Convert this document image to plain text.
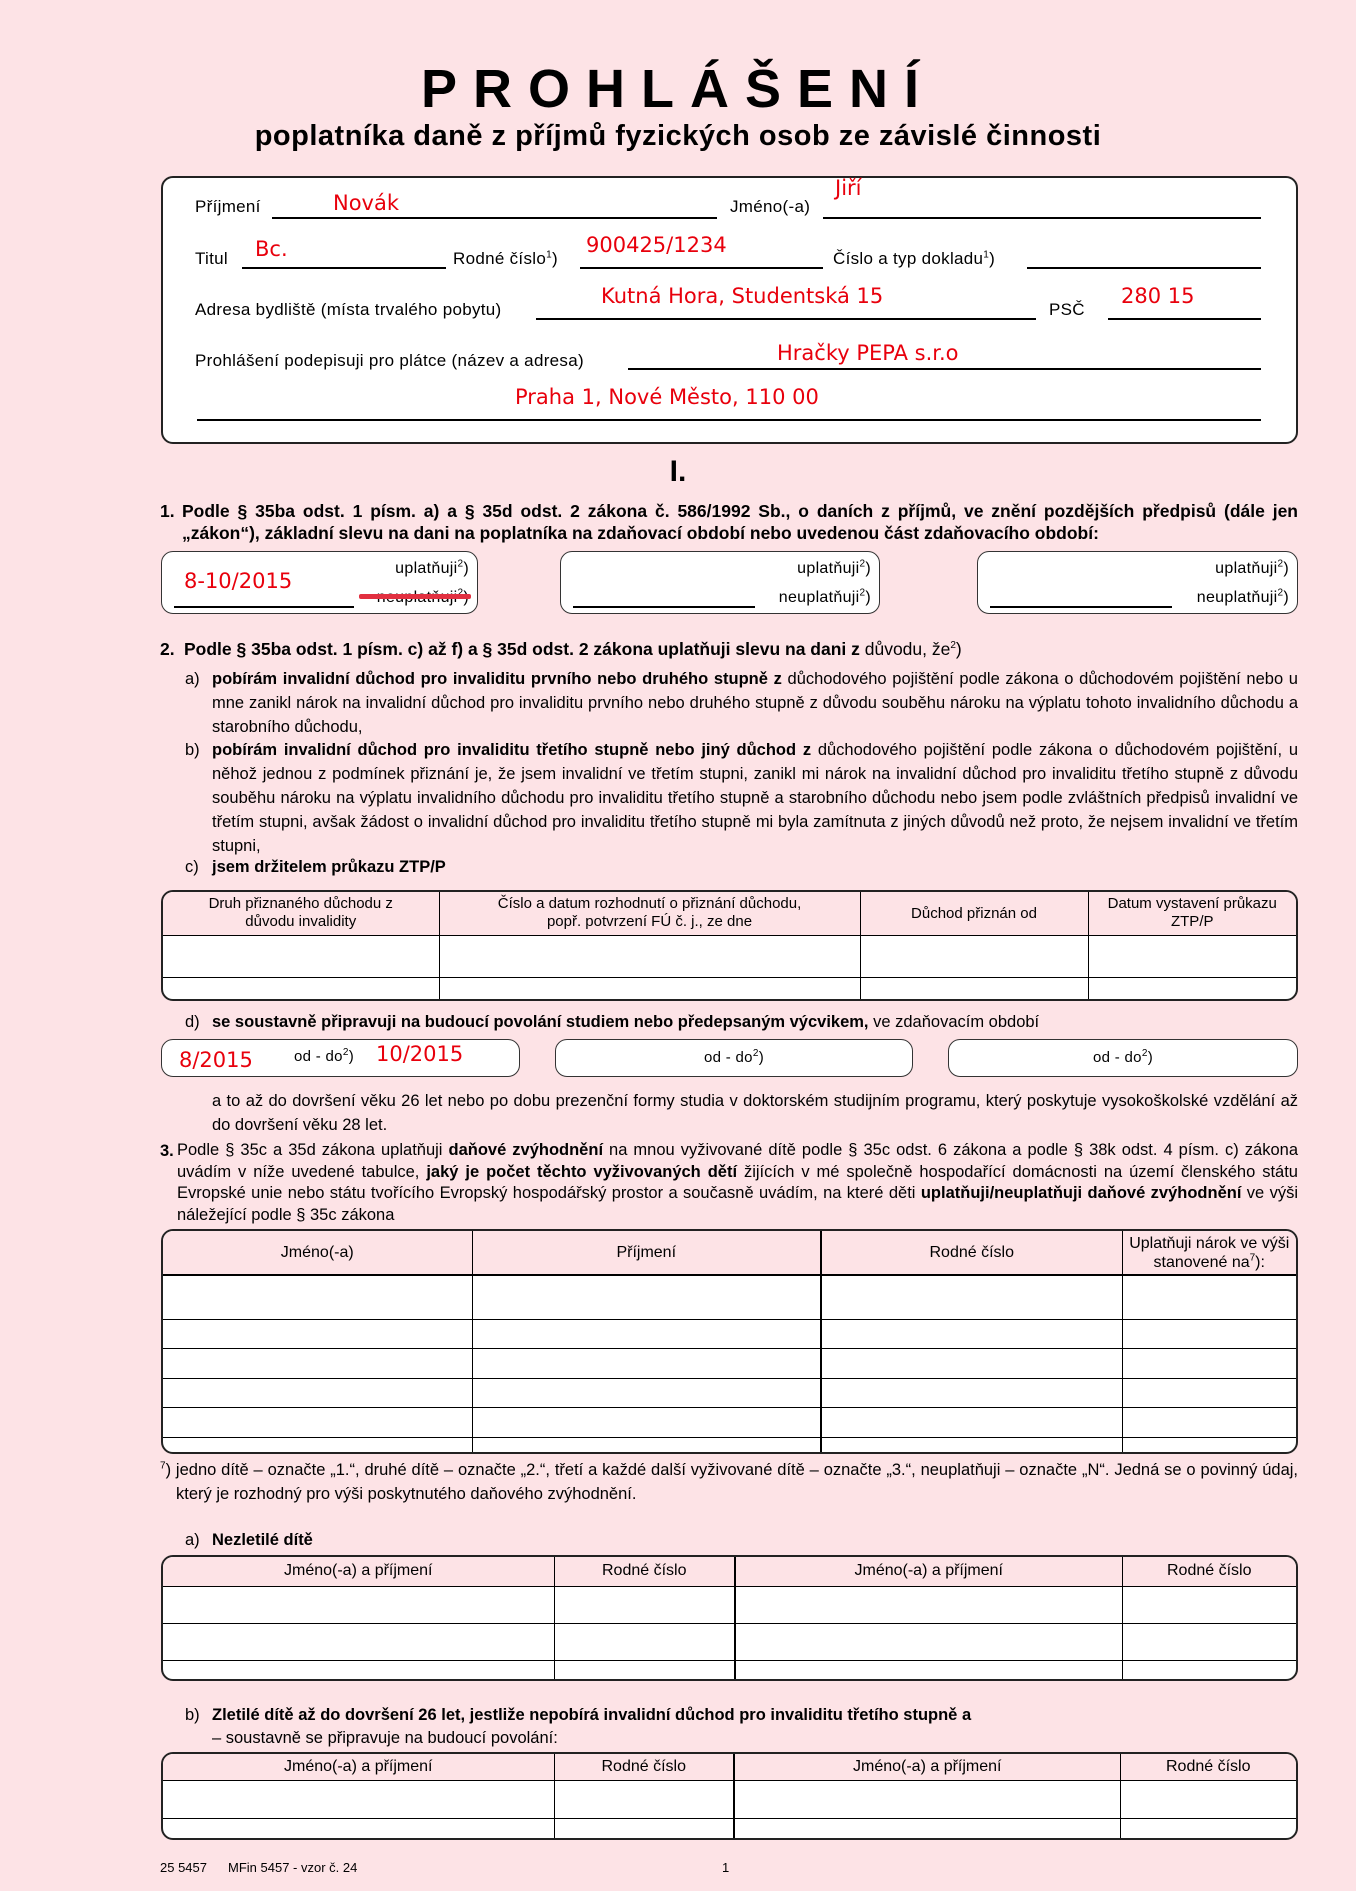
PROHLÁŠENÍ
poplatníka daně z příjmů fyzických osob ze závislé činnosti
Příjmení	Novák	Jméno(-a)
Jiří
Titul Bc.	Rodné číslo$^1$)
900425/1234
Číslo a typ dokladu$^1$)
Adresa bydliště (místa trvalého pobytu)
Kutná Hora, Studentská 15
PSČ
280 15
Prohlášení podepisuji pro plátce (název a adresa)	Hračky PEPA s.r.o
Praha 1, Nové Město, 110 00
I.
1. Podle § 35ba odst. 1 písm. a) a § 35d odst. 2 zákona č. 586/1992 Sb., o daních z příjmů, ve znění pozdějších předpisů (dále jen „zákon“), základní slevu na dani na poplatníka na zdaňovací období nebo uvedenou část zdaňovacího období:
8-10/2015
uplatňuji$^2$)	uplatňuji$^2$)
neuplatňuji$^2$)
uplatňuji$^2$)
neuplatňuji$^2$)
2. Podle § 35ba odst. 1 písm. c) až f) a § 35d odst. 2 zákona uplatňuji slevu na dani z důvodu, $že^2$)
a) pobírám invalidní důchod pro invaliditu prvního nebo druhého stupně z důchodového pojištění podle zákona o důchodovém pojištění nebo u mne zanikl nárok na invalidní důchod pro invaliditu prvního nebo druhého stupně z důvodu souběhu nároku na výplatu tohoto invalidního důchodu a starobního důchodu,
b) pobírám invalidní důchod pro invaliditu třetího stupně nebo jiný důchod z důchodového pojištění podle zákona o důchodovém pojištění, u něhož jednou z podmínek přiznání je, že jsem invalidní ve třetím stupni, zanikl mi nárok na invalidní důchod pro invaliditu třetího stupně z důvodu souběhu nároku na výplatu invalidního důchodu pro invaliditu třetího stupně a starobního důchodu nebo jsem podle zvláštních předpisů invalidní ve třetím stupni, avšak žádost o invalidní důchod pro invaliditu třetího stupně mi byla zamítnuta z jiných důvodů než proto, že nejsem invalidní ve třetím stupni,
c) jsem držitelem průkazu ZTP/P
Druh přiznaného důchodu z důvodu invalidity	Číslo a datum rozhodnutí o přiznání důchodu, popř. potvrzení FÚ č. j., ze dne	Důchod přiznán od	Datum vystavení průkazu ZTP/P

d) se soustavně připravuji na budoucí povolání studiem nebo předepsaným výcvikem, ve zdaňovacím období
8/2015	od - $do^2$) 10/2015	od - $do^2$)	od - $do^2$)
a to až do dovršení věku 26 let nebo po dobu prezenční formy studia v doktorském studijním programu, který poskytuje vysokoškolské vzdělání až do dovršení věku 28 let.
3. Podle § 35c a 35d zákona uplatňuji daňové zvýhodnění na mnou vyživované dítě podle § 35c odst. 6 zákona a podle § 38k odst. 4 písm. c) zákona uvádím v níže uvedené tabulce, jaký je počet těchto vyživovaných dětí žijících v mé společně hospodařící domácnosti na území členského státu Evropské unie nebo státu tvořícího Evropský hospodářský prostor a současně uvádím, na které děti uplatňuji/neuplatňuji daňové zvýhodnění ve výši náležející podle § 35c zákona
Jméno(-a)	Příjmení	Rodné číslo	Uplatňuji nárok ve výši stanovené $na^7$):

$^7$) jedno dítě – označte „1.“, druhé dítě – označte „2.“, třetí a každé další vyživované dítě – označte „3.“, neuplatňuji – označte „N“. Jedná se o povinný údaj, který je rozhodný pro výši poskytnutého daňového zvýhodnění.
a) Nezletilé dítě
Jméno(-a) a příjmení	Rodné číslo	Jméno(-a) a příjmení	Rodné číslo

b) Zletilé dítě až do dovršení 26 let, jestliže nepobírá invalidní důchod pro invaliditu třetího stupně a
– soustavně se připravuje na budoucí povolání:
Jméno(-a) a příjmení	Rodné číslo	Jméno(-a) a příjmení	Rodné číslo

25 5457 MFin 5457 - vzor č. 24	1
